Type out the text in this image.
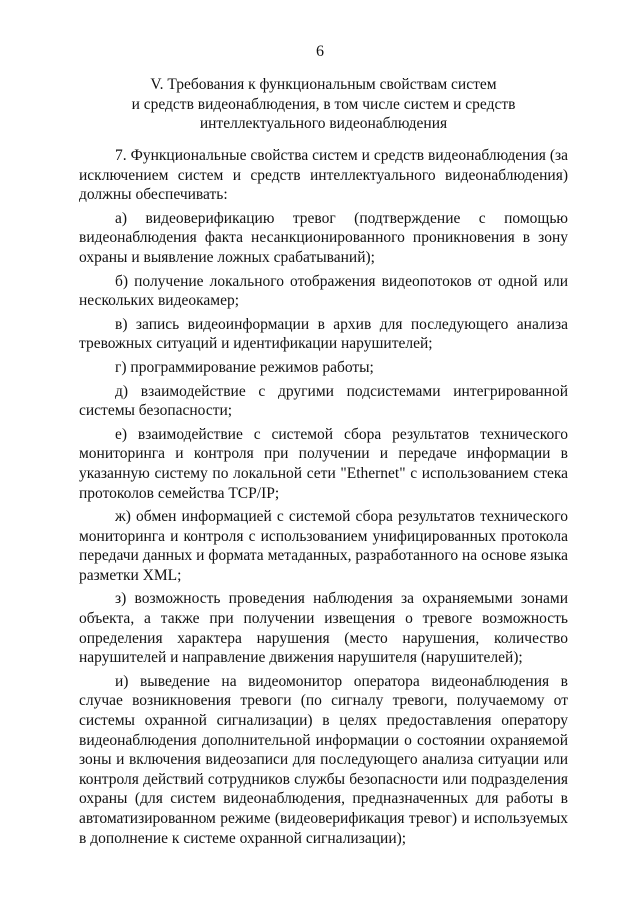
6
V. Требования к функциональным свойствам систем
и средств видеонаблюдения, в том числе систем и средств
интеллектуального видеонаблюдения

7. Функциональные свойства систем и средств видеонаблюдения (за исключением систем и средств интеллектуального видеонаблюдения) должны обеспечивать:

а) видеоверификацию тревог (подтверждение с помощью видеонаблюдения факта несанкционированного проникновения в зону охраны и выявление ложных срабатываний);

б) получение локального отображения видеопотоков от одной или нескольких видеокамер;

в) запись видеоинформации в архив для последующего анализа тревожных ситуаций и идентификации нарушителей;

г) программирование режимов работы;

д) взаимодействие с другими подсистемами интегрированной системы безопасности;

е) взаимодействие с системой сбора результатов технического мониторинга и контроля при получении и передаче информации в указанную систему по локальной сети "Ethernet" с использованием стека протоколов семейства TCP/IP;

ж) обмен информацией с системой сбора результатов технического мониторинга и контроля с использованием унифицированных протокола передачи данных и формата метаданных, разработанного на основе языка разметки XML;

з) возможность проведения наблюдения за охраняемыми зонами объекта, а также при получении извещения о тревоге возможность определения характера нарушения (место нарушения, количество нарушителей и направление движения нарушителя (нарушителей);

и) выведение на видеомонитор оператора видеонаблюдения в случае возникновения тревоги (по сигналу тревоги, получаемому от системы охранной сигнализации) в целях предоставления оператору видеонаблюдения дополнительной информации о состоянии охраняемой зоны и включения видеозаписи для последующего анализа ситуации или контроля действий сотрудников службы безопасности или подразделения охраны (для систем видеонаблюдения, предназначенных для работы в автоматизированном режиме (видеоверификация тревог) и используемых в дополнение к системе охранной сигнализации);
